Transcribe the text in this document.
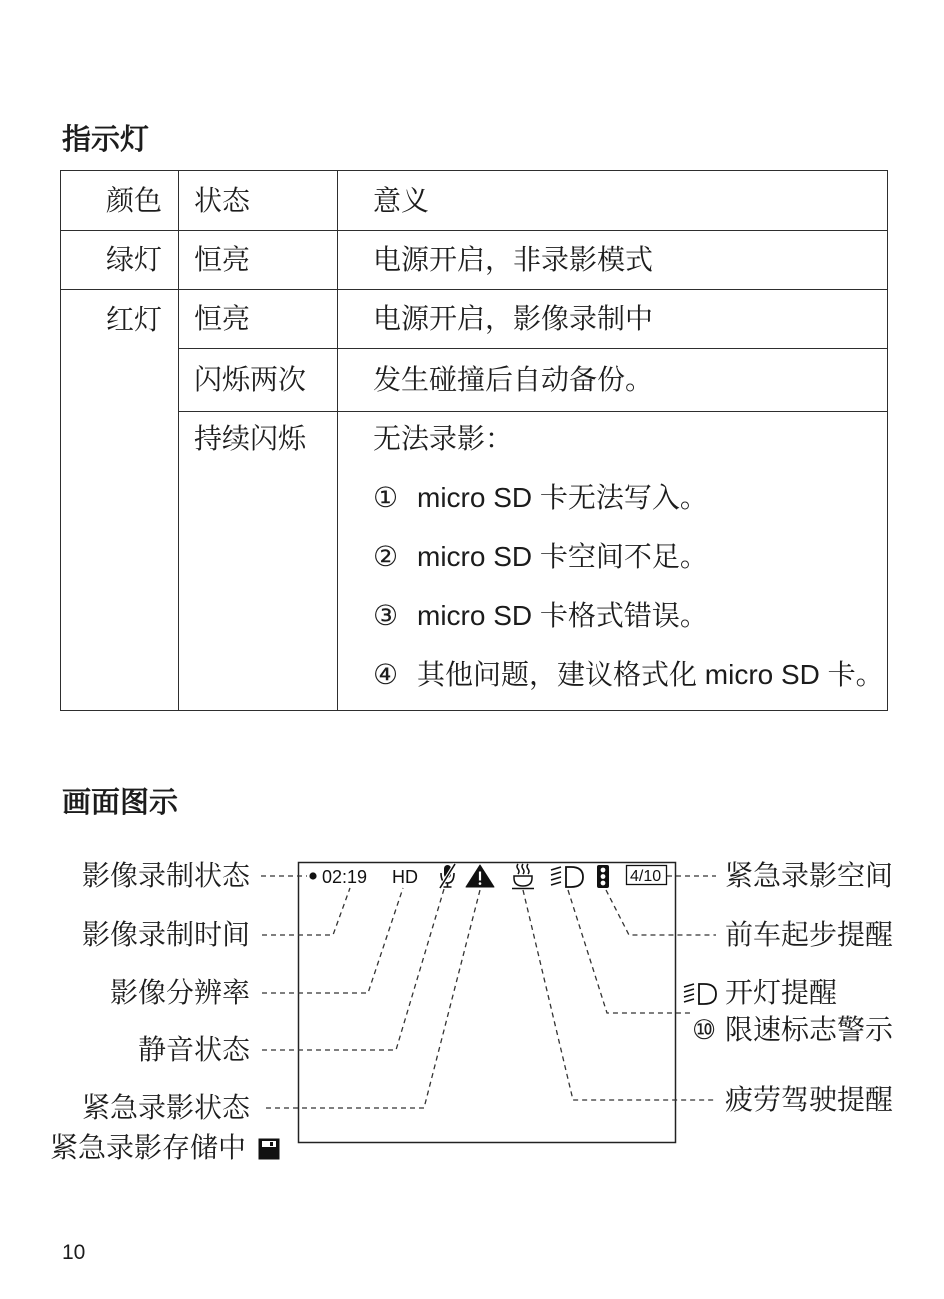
指示灯
颜色	状态	意义
绿灯	恒亮	电源开启，非录影模式

红灯	恒亮	电源开启，影像录制中
	闪烁两次	发生碰撞后自动备份。

	持续闪烁	无法录影：
① micro SD 卡无法写入。
② micro SD 卡空间不足。
③ micro SD 卡格式错误。
④ 其他问题，建议格式化 micro SD 卡。
画面图示
02:19 HD	4/10
影像录制状态
影像录制时间
影像分辨率
静音状态
紧急录影状态
紧急录影存储中
紧急录影空间
前车起步提醒
开灯提醒
⑩ 限速标志警示
疲劳驾驶提醒
10
